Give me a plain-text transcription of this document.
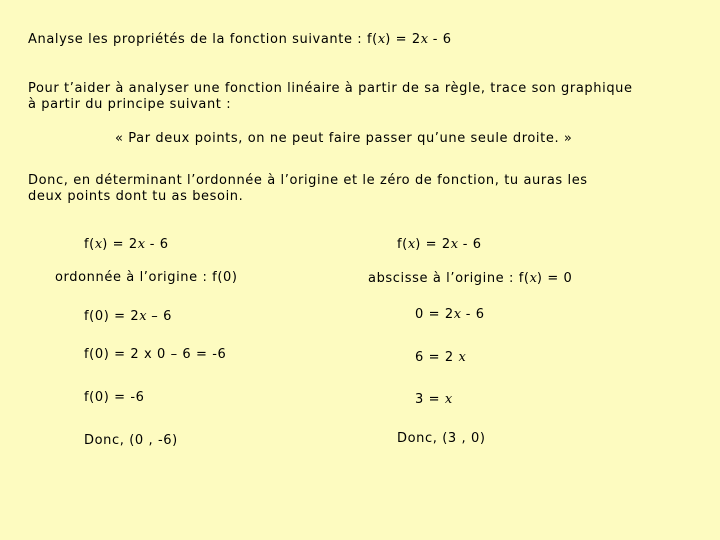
Analyse les propriétés de la fonction suivante : f(x) = 2x - 6
Pour t’aider à analyser une fonction linéaire à partir de sa règle, trace son graphique
à partir du principe suivant :
« Par deux points, on ne peut faire passer qu’une seule droite. »
Donc, en déterminant l’ordonnée à l’origine et le zéro de fonction, tu auras les
deux points dont tu as besoin.
f(x) = 2x - 6
ordonnée à l’origine : f(0)
f(0) = 2x – 6
f(0) = 2 x 0 – 6 = -6
f(0) = -6
Donc, (0 , -6)
f(x) = 2x - 6
abscisse à l’origine : f(x) = 0
0 = 2x - 6
6 = 2 x
3 = x
Donc, (3 , 0)
